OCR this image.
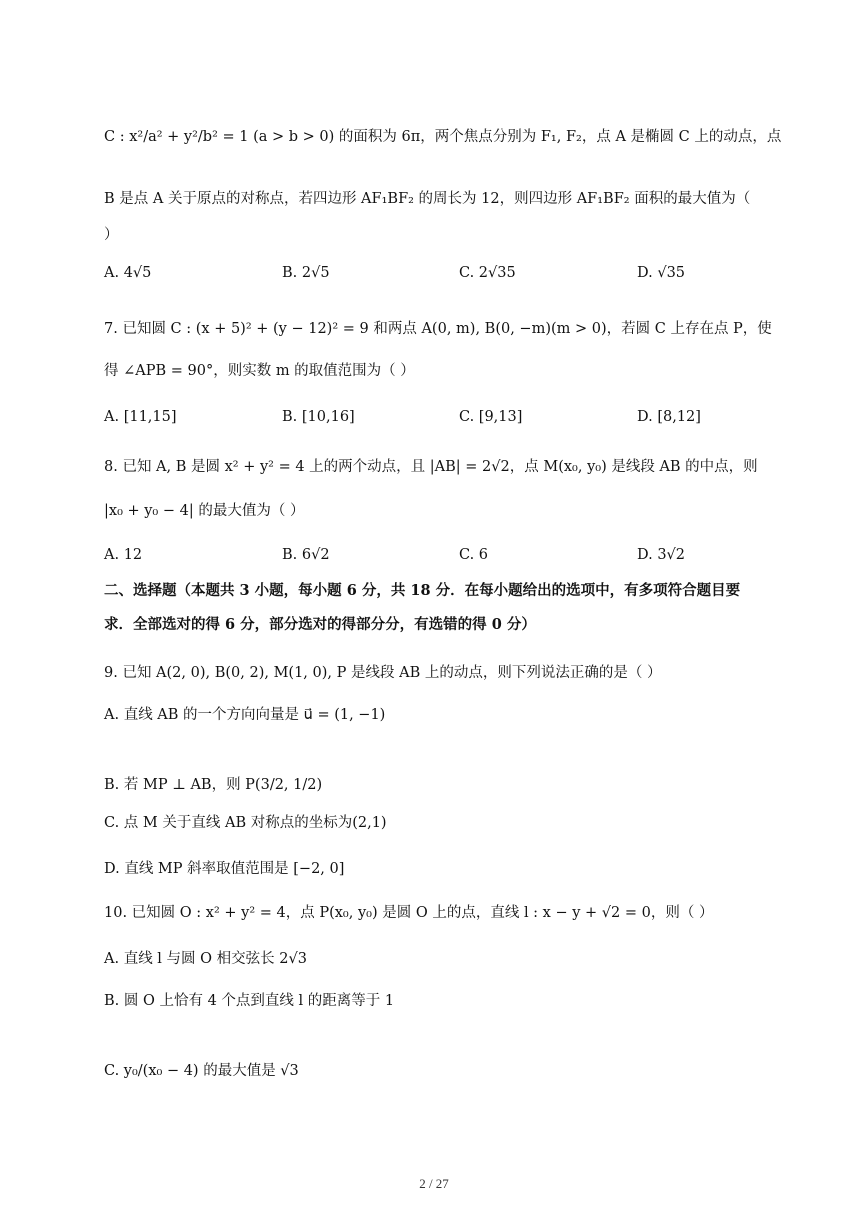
C : x²/a² + y²/b² = 1 (a > b > 0) 的面积为 6π，两个焦点分别为 F₁, F₂，点 A 是椭圆 C 上的动点，点
B 是点 A 关于原点的对称点，若四边形 AF₁BF₂ 的周长为 12，则四边形 AF₁BF₂ 面积的最大值为（
）
A. 4√5	B. 2√5	C. 2√35	D. √35
7. 已知圆 C : (x + 5)² + (y − 12)² = 9 和两点 A(0, m), B(0, −m)(m > 0)，若圆 C 上存在点 P，使
得 ∠APB = 90°，则实数 m 的取值范围为（ ）
A. [11,15]	B. [10,16]	C. [9,13]	D. [8,12]
8. 已知 A, B 是圆 x² + y² = 4 上的两个动点，且 |AB| = 2√2，点 M(x₀, y₀) 是线段 AB 的中点，则
|x₀ + y₀ − 4| 的最大值为（ ）
A. 12	B. 6√2	C. 6	D. 3√2
二、选择题（本题共 3 小题，每小题 6 分，共 18 分．在每小题给出的选项中，有多项符合题目要
求．全部选对的得 6 分，部分选对的得部分分，有选错的得 0 分）
9. 已知 A(2, 0), B(0, 2), M(1, 0), P 是线段 AB 上的动点，则下列说法正确的是（ ）
A. 直线 AB 的一个方向向量是 u⃗ = (1, −1)
B. 若 MP ⊥ AB，则 P(3/2, 1/2)
C. 点 M 关于直线 AB 对称点的坐标为(2,1)
D. 直线 MP 斜率取值范围是 [−2, 0]
10. 已知圆 O : x² + y² = 4，点 P(x₀, y₀) 是圆 O 上的点，直线 l : x − y + √2 = 0，则（ ）
A. 直线 l 与圆 O 相交弦长 2√3
B. 圆 O 上恰有 4 个点到直线 l 的距离等于 1
C. y₀/(x₀ − 4) 的最大值是 √3
2 / 27
